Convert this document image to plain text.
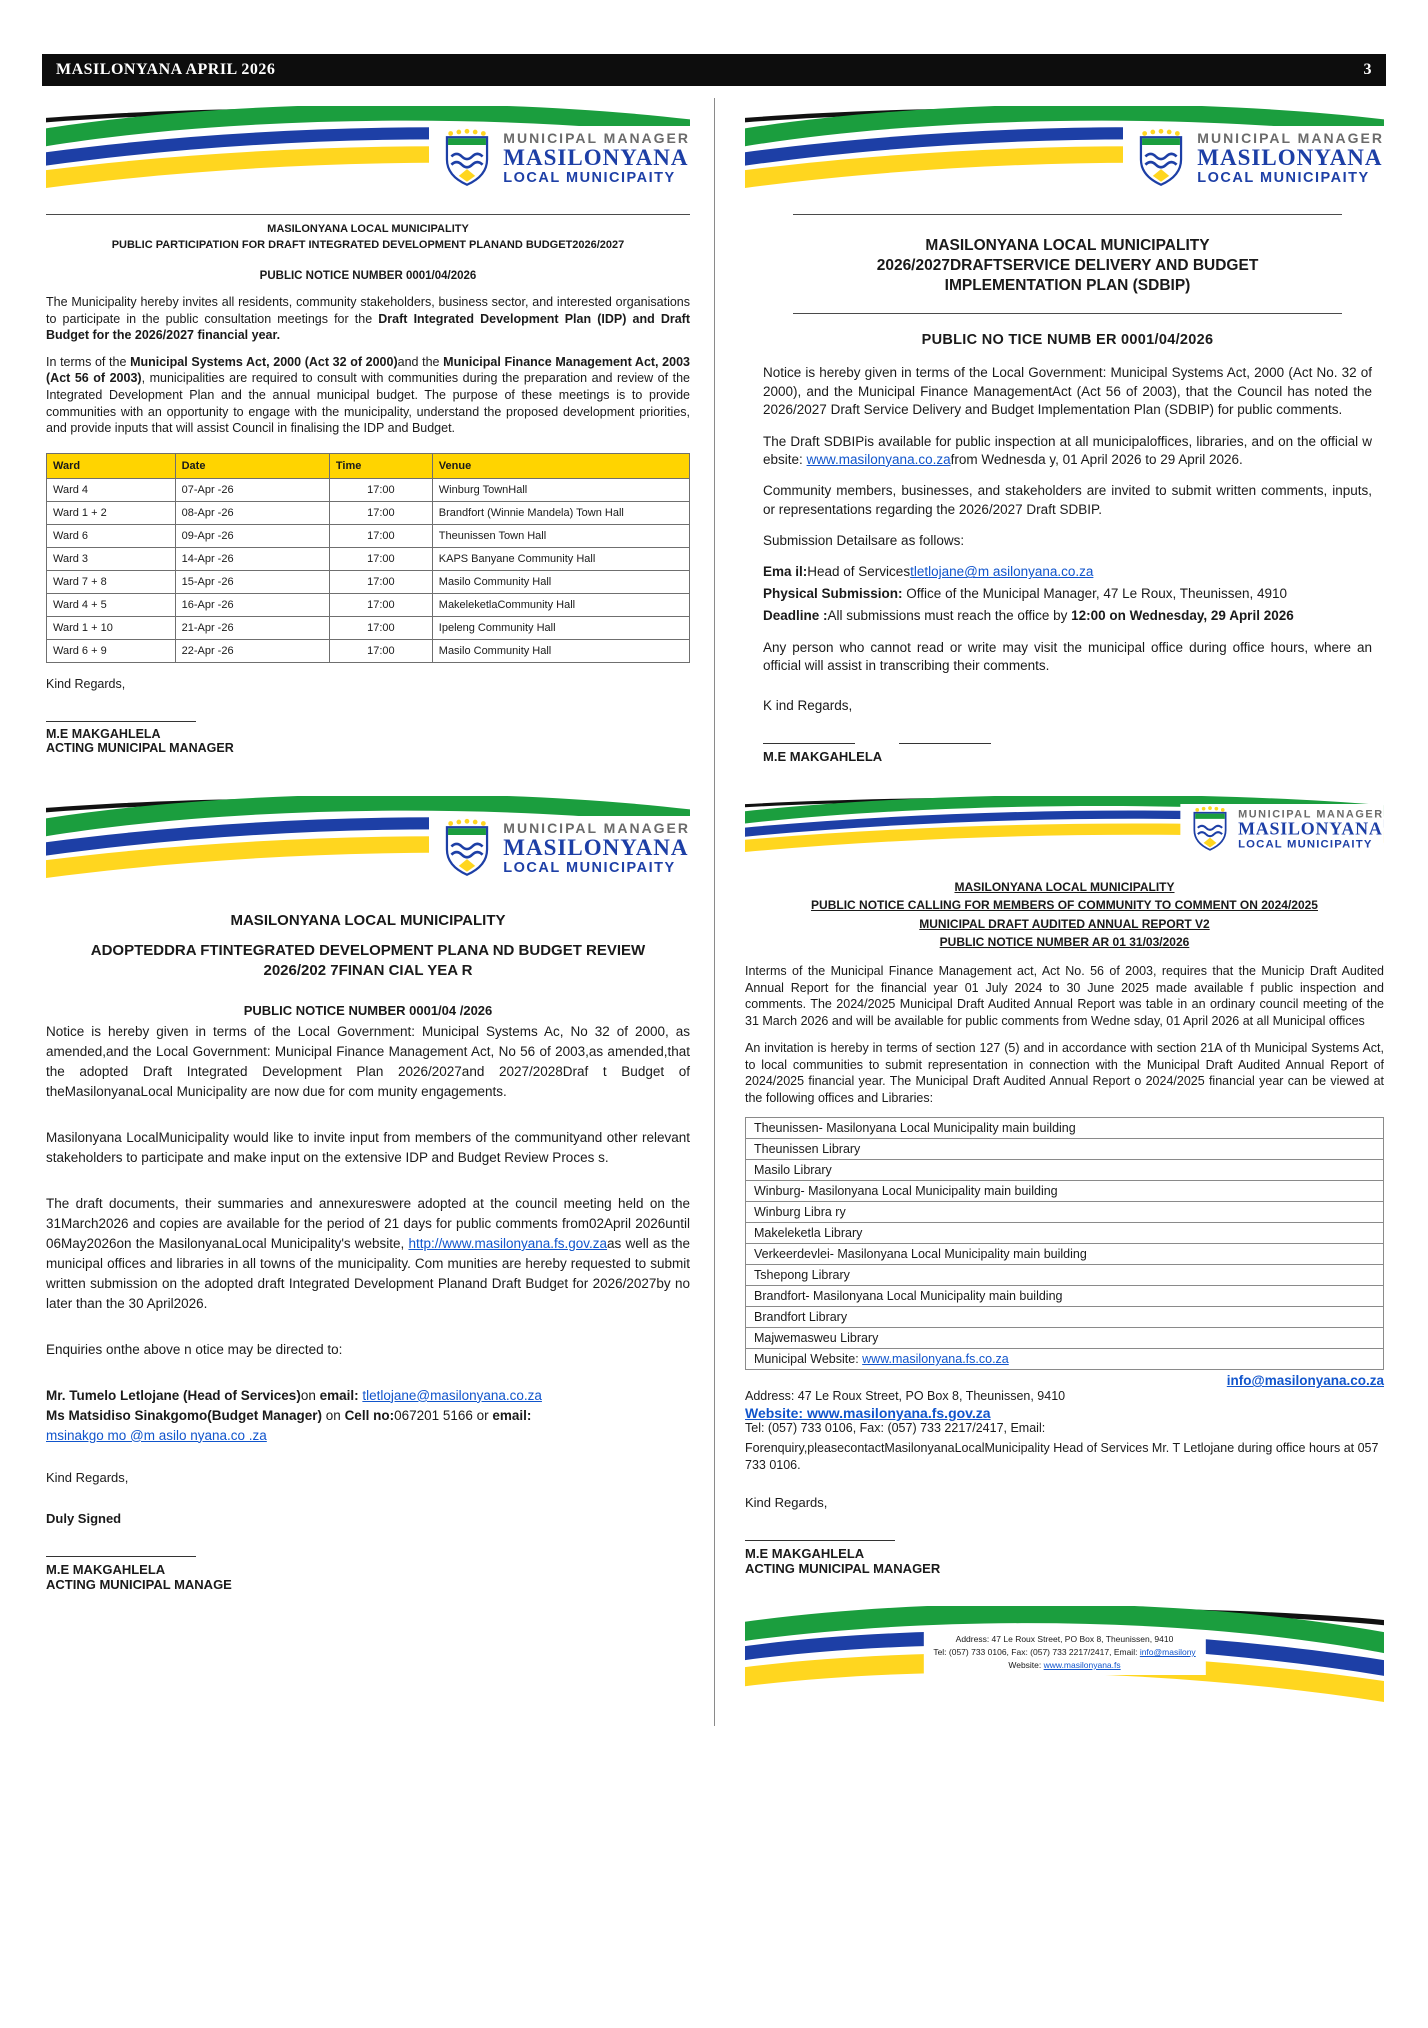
MASILONYANA APRIL 2026	3
MUNICIPAL MANAGER
MASILONYANA
LOCAL MUNICIPAITY
MASILONYANA LOCAL MUNICIPALITY
PUBLIC PARTICIPATION FOR DRAFT INTEGRATED DEVELOPMENT PLANAND BUDGET2026/2027
PUBLIC NOTICE NUMBER 0001/04/2026

The Municipality hereby invites all residents, community stakeholders, business sector, and interested organisations to participate in the public consultation meetings for the Draft Integrated Development Plan (IDP) and Draft Budget for the 2026/2027 financial year.

In terms of the Municipal Systems Act, 2000 (Act 32 of 2000)and the Municipal Finance Management Act, 2003 (Act 56 of 2003), municipalities are required to consult with communities during the preparation and review of the Integrated Development Plan and the annual municipal budget. The purpose of these meetings is to provide communities with an opportunity to engage with the municipality, understand the proposed development priorities, and provide inputs that will assist Council in finalising the IDP and Budget.

Ward	Date	Time	Venue
Ward 4	07-Apr -26	17:00	Winburg TownHall
Ward 1 + 2	08-Apr -26	17:00	Brandfort (Winnie Mandela) Town Hall
Ward 6	09-Apr -26	17:00	Theunissen Town Hall
Ward 3	14-Apr -26	17:00	KAPS Banyane Community Hall
Ward 7 + 8	15-Apr -26	17:00	Masilo Community Hall
Ward 4 + 5	16-Apr -26	17:00	MakeleketlaCommunity Hall
Ward 1 + 10	21-Apr -26	17:00	Ipeleng Community Hall
Ward 6 + 9	22-Apr -26	17:00	Masilo Community Hall

Kind Regards,

M.E MAKGAHLELA
ACTING MUNICIPAL MANAGER
MUNICIPAL MANAGER
MASILONYANA
LOCAL MUNICIPAITY
MASILONYANA LOCAL MUNICIPALITY
2026/2027DRAFTSERVICE DELIVERY AND BUDGET
IMPLEMENTATION PLAN (SDBIP)
PUBLIC NO TICE NUMB ER 0001/04/2026

Notice is hereby given in terms of the Local Government: Municipal Systems Act, 2000 (Act No. 32 of 2000), and the Municipal Finance ManagementAct (Act 56 of 2003), that the Council has noted the 2026/2027 Draft Service Delivery and Budget Implementation Plan (SDBIP) for public comments.

The Draft SDBIPis available for public inspection at all municipaloffices, libraries, and on the official w ebsite: www.masilonyana.co.zafrom Wednesda y, 01 April 2026 to 29 April 2026.

Community members, businesses, and stakeholders are invited to submit written comments, inputs, or representations regarding the 2026/2027 Draft SDBIP.

Submission Detailsare as follows:

Ema il:Head of Servicestletlojane@m asilonyana.co.za
Physical Submission: Office of the Municipal Manager, 47 Le Roux, Theunissen, 4910
Deadline :All submissions must reach the office by 12:00 on Wednesday, 29 April 2026

Any person who cannot read or write may visit the municipal office during office hours, where an official will assist in transcribing their comments.

K ind Regards,

M.E MAKGAHLELA
MUNICIPAL MANAGER
MASILONYANA
LOCAL MUNICIPAITY
MASILONYANA LOCAL MUNICIPALITY
ADOPTEDDRA FTINTEGRATED DEVELOPMENT PLANA ND BUDGET REVIEW
2026/202 7FINAN CIAL YEA R
PUBLIC NOTICE NUMBER 0001/04 /2026

Notice is hereby given in terms of the Local Government: Municipal Systems Ac, No 32 of 2000, as amended,and the Local Government: Municipal Finance Management Act, No 56 of 2003,as amended,that the adopted Draft Integrated Development Plan 2026/2027and 2027/2028Draf t Budget of theMasilonyanaLocal Municipality are now due for com munity engagements.

Masilonyana LocalMunicipality would like to invite input from members of the communityand other relevant stakeholders to participate and make input on the extensive IDP and Budget Review Proces s.

The draft documents, their summaries and annexureswere adopted at the council meeting held on the 31March2026 and copies are available for the period of 21 days for public comments from02April 2026until 06May2026on the MasilonyanaLocal Municipality's website, http://www.masilonyana.fs.gov.zaas well as the municipal offices and libraries in all towns of the municipality. Com munities are hereby requested to submit written submission on the adopted draft Integrated Development Planand Draft Budget for 2026/2027by no later than the 30 April2026.

Enquiries onthe above n otice may be directed to:

Mr. Tumelo Letlojane (Head of Services)on email: tletlojane@masilonyana.co.za
Ms Matsidiso Sinakgomo(Budget Manager) on Cell no:067201 5166 or email:
msinakgo mo @m asilo nyana.co .za

Kind Regards,

Duly Signed
M.E MAKGAHLELA
ACTING MUNICIPAL MANAGE
MUNICIPAL MANAGER
MASILONYANA
LOCAL MUNICIPAITY
MASILONYANA LOCAL MUNICIPALITY
PUBLIC NOTICE CALLING FOR MEMBERS OF COMMUNITY TO COMMENT ON 2024/2025
MUNICIPAL DRAFT AUDITED ANNUAL REPORT V2
PUBLIC NOTICE NUMBER AR 01 31/03/2026

Interms of the Municipal Finance Management act, Act No. 56 of 2003, requires that the Municip Draft Audited Annual Report for the financial year 01 July 2024 to 30 June 2025 made available f public inspection and comments. The 2024/2025 Municipal Draft Audited Annual Report was table in an ordinary council meeting of the 31 March 2026 and will be available for public comments from Wedne sday, 01 April 2026 at all Municipal offices

An invitation is hereby in terms of section 127 (5) and in accordance with section 21A of th Municipal Systems Act, to local communities to submit representation in connection with the Municipal Draft Audited Annual Report of 2024/2025 financial year. The Municipal Draft Audited Annual Report o 2024/2025 financial year can be viewed at the following offices and Libraries:

Theunissen- Masilonyana Local Municipality main building
Theunissen Library
Masilo Library
Winburg- Masilonyana Local Municipality main building
Winburg Libra ry
Makeleketla Library
Verkeerdevlei- Masilonyana Local Municipality main building
Tshepong Library
Brandfort- Masilonyana Local Municipality main building
Brandfort Library
Majwemasweu Library
Municipal Website: www.masilonyana.fs.co.za
info@masilonyana.co.za
Address: 47 Le Roux Street, PO Box 8, Theunissen, 9410
Website: www.masilonyana.fs.gov.za
Tel: (057) 733 0106, Fax: (057) 733 2217/2417, Email:
Forenquiry,pleasecontactMasilonyanaLocalMunicipality Head of Services Mr. T Letlojane during office hours at 057 733 0106.

Kind Regards,

M.E MAKGAHLELA
ACTING MUNICIPAL MANAGER
Address: 47 Le Roux Street, PO Box 8, Theunissen, 9410
Tel: (057) 733 0106, Fax: (057) 733 2217/2417, Email: info@masilony
Website: www.masilonyana.fs
